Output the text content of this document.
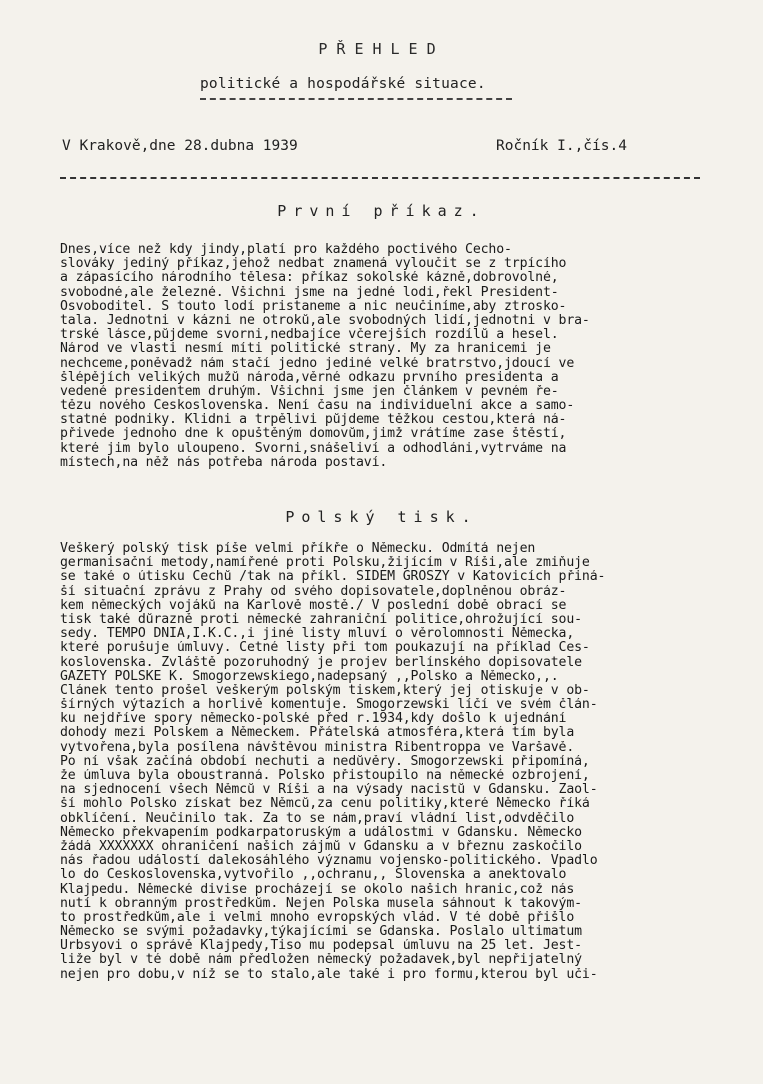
PŘEHLED
politické a hospodářské situace.
V Krakově,dne 28.dubna 1939	Ročník I.,čís.4
První příkaz.
Dnes,více než kdy jindy,platí pro každého poctivého Čecho-
slováky jediný příkaz,jehož nedbat znamená vyloučit se z trpícího
a zápasícího národního tělesa: příkaz sokolské kázně,dobrovolné,
svobodné,ale železné. Všichni jsme na jedné lodi,řekl President-
Osvoboditel. S touto lodí pristaneme a nic neučiníme,aby ztrosko-
tala. Jednotni v kázni ne otroků,ale svobodných lidí,jednotni v bra-
trské lásce,půjdeme svorni,nedbajíce včerejších rozdílů a hesel.
Národ ve vlasti nesmí míti politické strany. My za hranicemi je
nechceme,poněvadž nám stačí jedno jediné velké bratrstvo,jdoucí ve
šlépějích velikých mužů národa,věrné odkazu prvního presidenta a
vedené presidentem druhým. Všichni jsme jen článkem v pevném ře-
tězu nového Československa. Není času na individuelní akce a samo-
statné podniky. Klidni a trpělivi půjdeme těžkou cestou,která ná-
přivede jednoho dne k opuštěným domovům,jimž vrátíme zase štěstí,
které jim bylo uloupeno. Svorni,snášeliví a odhodláni,vytrváme na
místech,na něž nás potřeba národa postaví.
Polský tisk.
Veškerý polský tisk píše velmi příkře o Německu. Odmítá nejen
germanisační metody,namířené proti Polsku,žijícím v Říši,ale zmiňuje
se také o útisku Čechů /tak na příkl. SIDEM GROSZY v Katovicích přiná-
ší situační zprávu z Prahy od svého dopisovatele,doplněnou obráz-
kem německých vojáků na Karlově mostě./ V poslední době obrací se
tisk také důrazně proti německé zahraniční politice,ohrožující sou-
sedy. TEMPO DNIA,I.K.C.,i jiné listy mluví o věrolomnosti Německa,
které porušuje úmluvy. Četné listy při tom poukazují na příklad Čes-
koslovenska. Zvláště pozoruhodný je projev berlínského dopisovatele
GAZETY POLSKÉ K. Smogorzewskiego,nadepsaný ,,Polsko a Německo,,.
Článek tento prošel veškerým polským tiskem,který jej otiskuje v ob-
šírných výtazích a horlivě komentuje. Smogorzewski líčí ve svém člán-
ku nejdříve spory německo-polské před r.1934,kdy došlo k ujednání
dohody mezi Polskem a Německem. Přátelská atmosféra,která tím byla
vytvořena,byla posílena návštěvou ministra Ribentroppa ve Varšavě.
Po ní však začíná období nechuti a nedůvěry. Smogorzewski připomíná,
že úmluva byla oboustranná. Polsko přistoupilo na německé ozbrojení,
na sjednocení všech Němců v Říši a na výsady nacistů v Gdansku. Zaol-
ší mohlo Polsko získat bez Němců,za cenu politiky,které Německo říká
obklíčení. Neučinilo tak. Za to se nám,praví vládní list,odvděčilo
Německo překvapením podkarpatoruským a událostmi v Gdansku. Německo
žádá XXXXXXX ohraničení našich zájmů v Gdansku a v březnu zaskočilo
nás řadou událostí dalekosáhlého významu vojensko-politického. Vpadlo
lo do Československa,vytvořilo ,,ochranu,, Slovenska a anektovalo
Klajpedu. Německé divise procházejí se okolo našich hranic,což nás
nutí k obranným prostředkům. Nejen Polska musela sáhnout k takovým-
to prostředkům,ale i velmi mnoho evropských vlád. V té době přišlo
Německo se svými požadavky,týkajícími se Gdanska. Poslalo ultimatum
Urbsyovi o správě Klajpedy,Tiso mu podepsal úmluvu na 25 let. Jest-
liže byl v té době nám předložen německý požadavek,byl nepřijatelný
nejen pro dobu,v níž se to stalo,ale také i pro formu,kterou byl uči-
